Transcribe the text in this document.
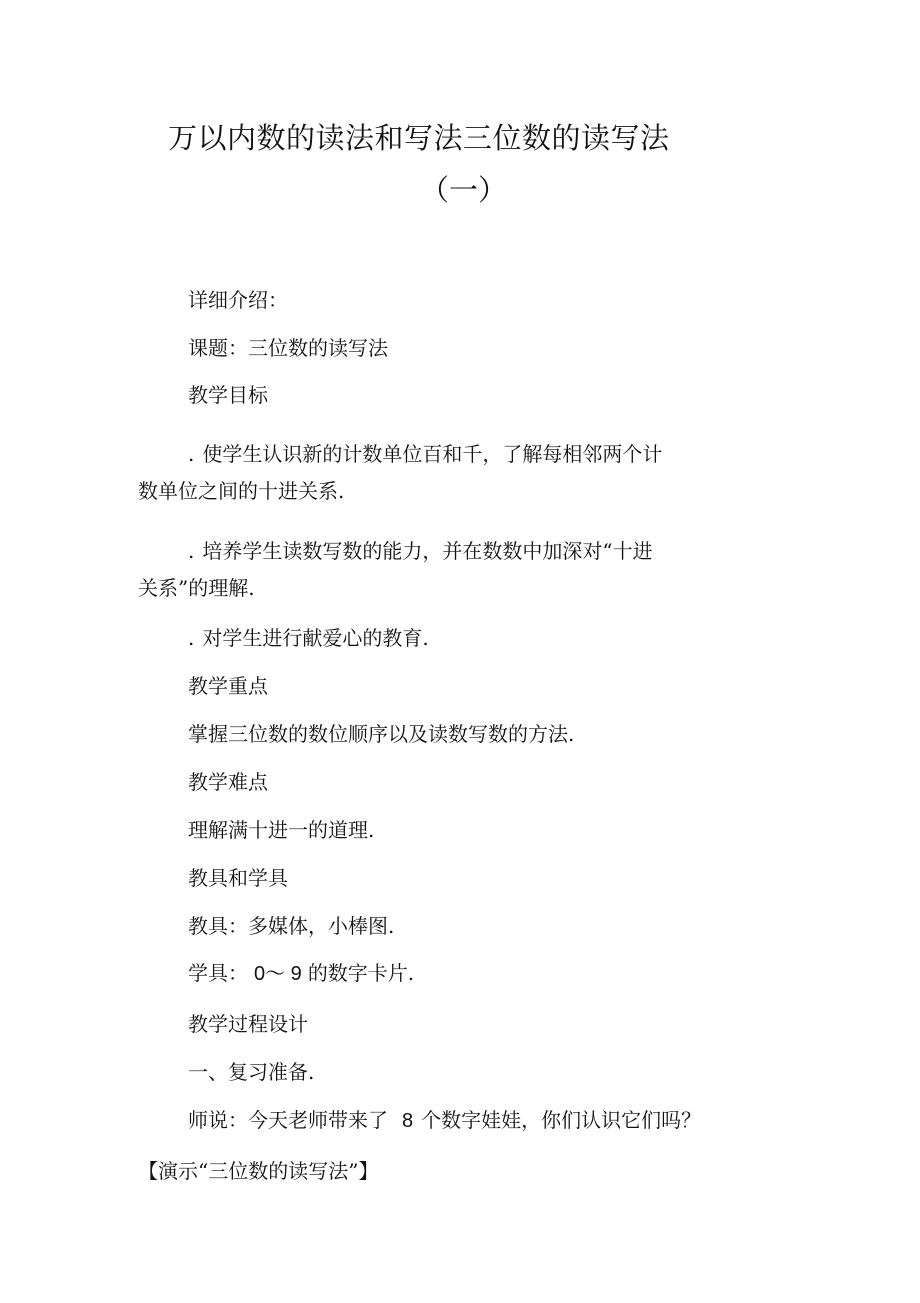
万以内数的读法和写法三位数的读写法
（一）
详细介绍：
课题：三位数的读写法
教学目标
. 使学生认识新的计数单位百和千，了解每相邻两个计
数单位之间的十进关系.
. 培养学生读数写数的能力，并在数数中加深对“十进
关系”的理解.
. 对学生进行献爱心的教育.
教学重点
掌握三位数的数位顺序以及读数写数的方法.
教学难点
理解满十进一的道理.
教具和学具
教具：多媒体，小棒图.
学具： 0～ 9 的数字卡片.
教学过程设计
一、复习准备.
师说：今天老师带来了 8 个数字娃娃，你们认识它们吗？
【演示“三位数的读写法”】
